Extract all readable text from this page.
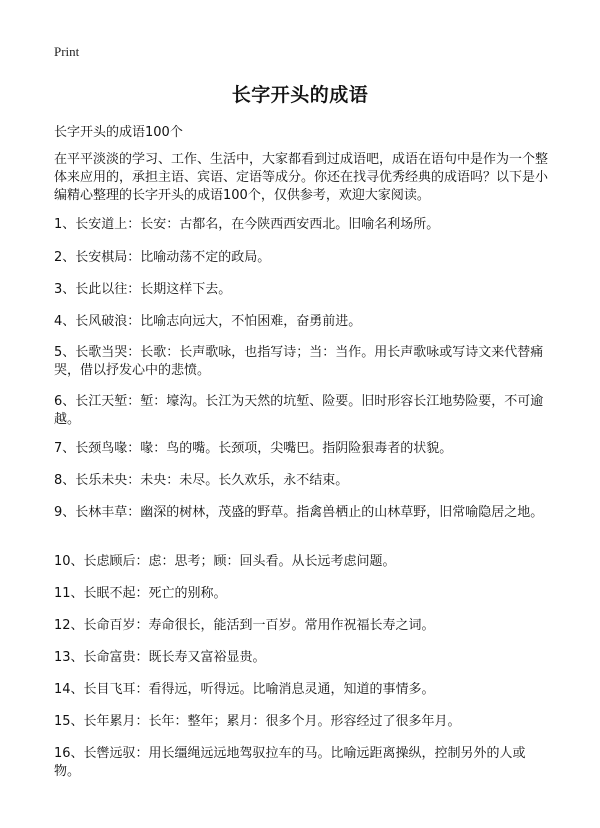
Print
长字开头的成语
长字开头的成语100个

在平平淡淡的学习、工作、生活中，大家都看到过成语吧，成语在语句中是作为一个整体来应用的，承担主语、宾语、定语等成分。你还在找寻优秀经典的成语吗？以下是小编精心整理的长字开头的成语100个，仅供参考，欢迎大家阅读。

1、长安道上：长安：古都名，在今陕西西安西北。旧喻名利场所。
2、长安棋局：比喻动荡不定的政局。
3、长此以往：长期这样下去。
4、长风破浪：比喻志向远大，不怕困难，奋勇前进。
5、长歌当哭：长歌：长声歌咏，也指写诗；当：当作。用长声歌咏或写诗文来代替痛哭，借以抒发心中的悲愤。
6、长江天堑：堑：壕沟。长江为天然的坑堑、险要。旧时形容长江地势险要，不可逾越。
7、长颈鸟喙：喙：鸟的嘴。长颈项，尖嘴巴。指阴险狠毒者的状貌。
8、长乐未央：未央：未尽。长久欢乐，永不结束。
9、长林丰草：幽深的树林，茂盛的野草。指禽兽栖止的山林草野，旧常喻隐居之地。
10、长虑顾后：虑：思考；顾：回头看。从长远考虑问题。
11、长眠不起：死亡的别称。
12、长命百岁：寿命很长，能活到一百岁。常用作祝福长寿之词。
13、长命富贵：既长寿又富裕显贵。
14、长目飞耳：看得远，听得远。比喻消息灵通，知道的事情多。
15、长年累月：长年：整年；累月：很多个月。形容经过了很多年月。
16、长辔远驭：用长缰绳远远地驾驭拉车的马。比喻远距离操纵，控制另外的人或物。
